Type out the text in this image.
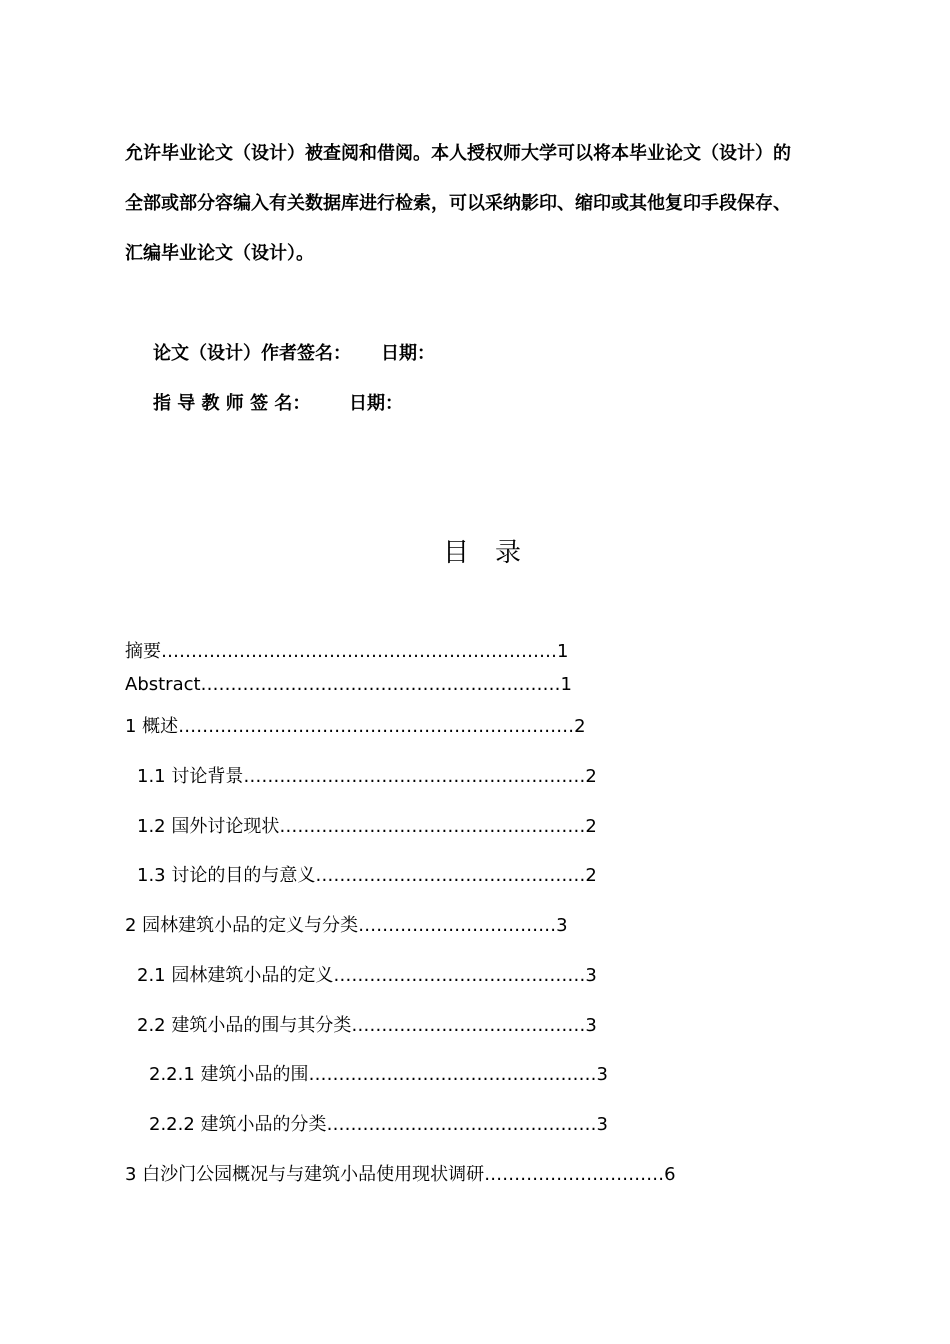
允许毕业论文（设计）被查阅和借阅。本人授权师大学可以将本毕业论文（设计）的
全部或部分容编入有关数据库进行检索，可以采纳影印、缩印或其他复印手段保存、
汇编毕业论文（设计）。
论文（设计）作者签名： 日期：
指 导 教 师 签 名： 日期：
目 录
摘要…………………………………………………………1
Abstract……………………………………………………1
1 概述…………………………………………………………2
1.1 讨论背景…………………………………………………2
1.2 国外讨论现状……………………………………………2
1.3 讨论的目的与意义………………………………………2
2 园林建筑小品的定义与分类……………………………3
2.1 园林建筑小品的定义……………………………………3
2.2 建筑小品的围与其分类…………………………………3
2.2.1 建筑小品的围…………………………………………3
2.2.2 建筑小品的分类………………………………………3
3 白沙门公园概况与与建筑小品使用现状调研…………………………6
